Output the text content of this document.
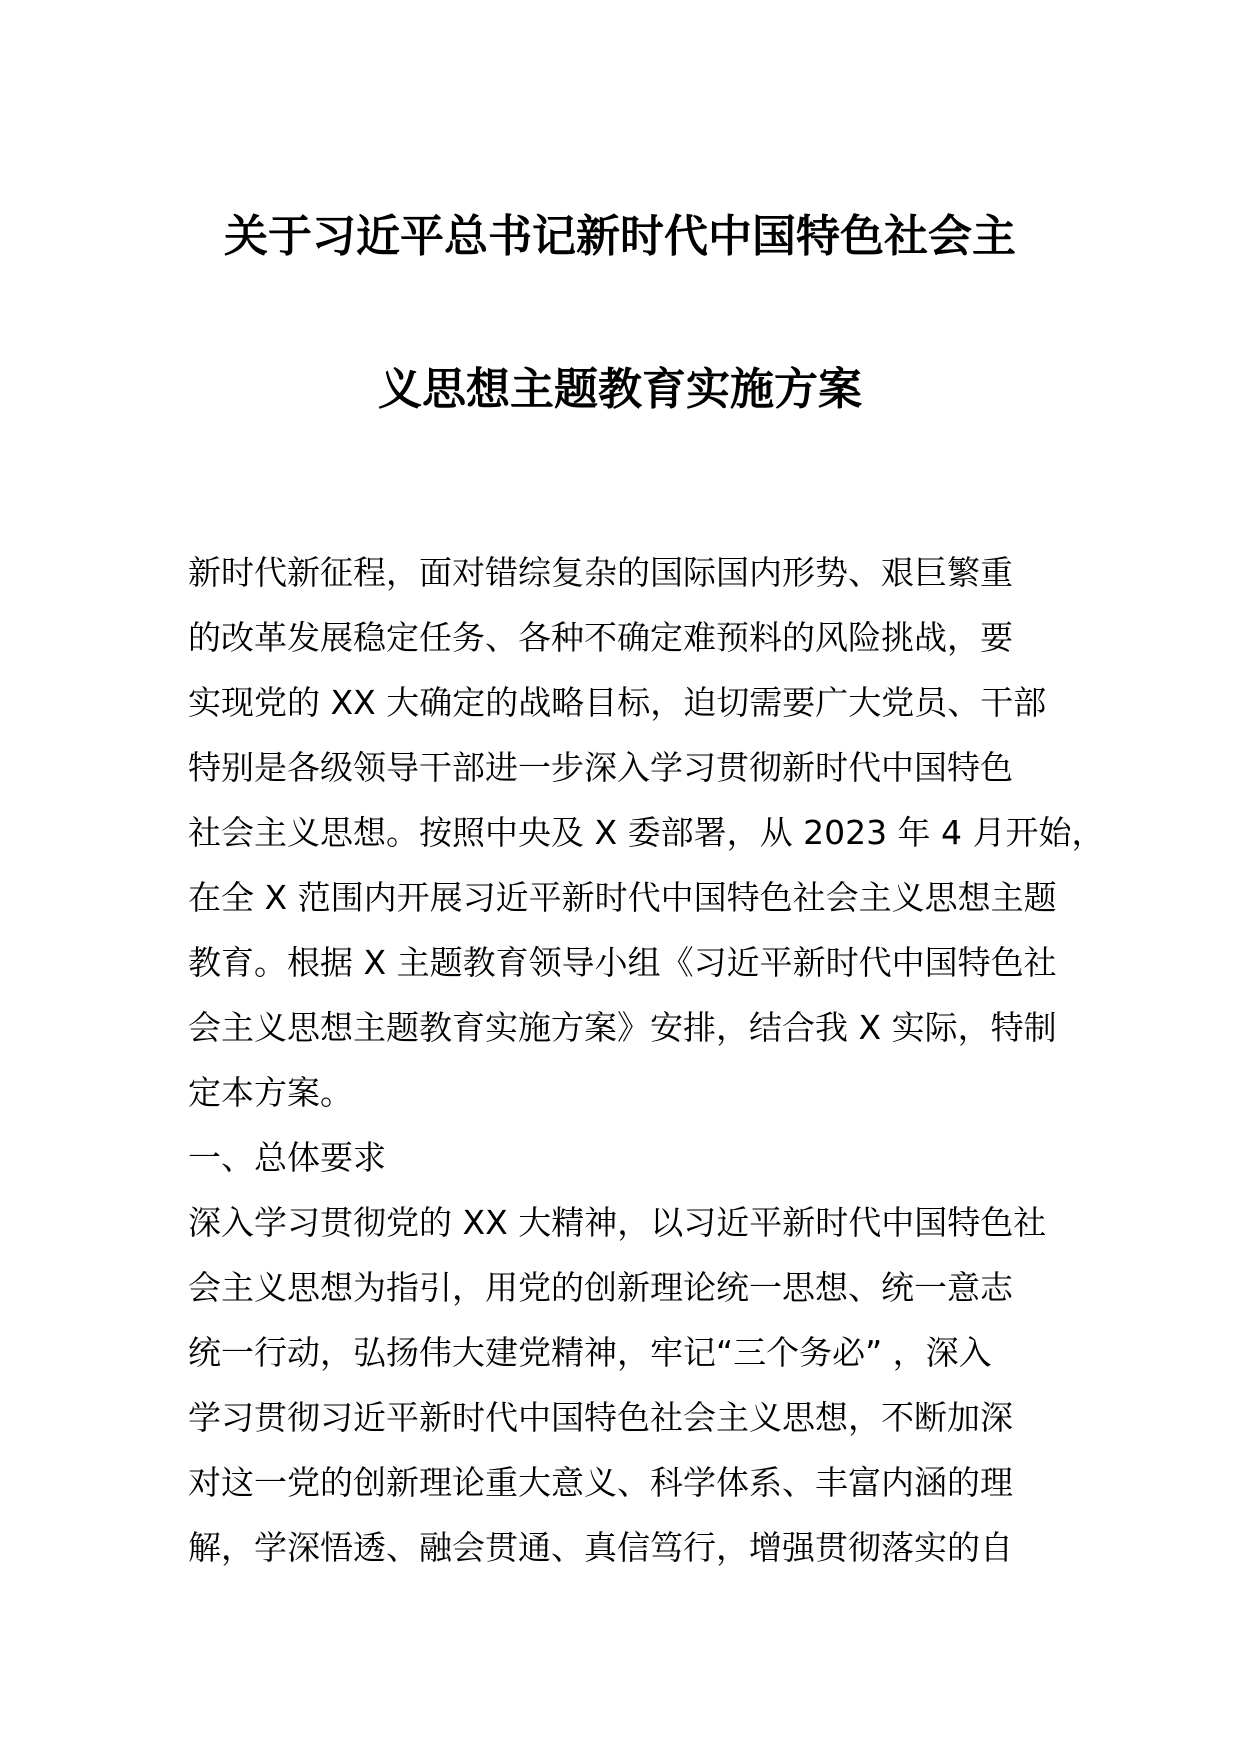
关于习近平总书记新时代中国特色社会主
义思想主题教育实施方案
新时代新征程，面对错综复杂的国际国内形势、艰巨繁重
的改革发展稳定任务、各种不确定难预料的风险挑战，要
实现党的 XX 大确定的战略目标，迫切需要广大党员、干部
特别是各级领导干部进一步深入学习贯彻新时代中国特色
社会主义思想。按照中央及 X 委部署，从 2023 年 4 月开始，
在全 X 范围内开展习近平新时代中国特色社会主义思想主题
教育。根据 X 主题教育领导小组《习近平新时代中国特色社
会主义思想主题教育实施方案》安排，结合我 X 实际，特制
定本方案。
一、总体要求
深入学习贯彻党的 XX 大精神，以习近平新时代中国特色社
会主义思想为指引，用党的创新理论统一思想、统一意志
统一行动，弘扬伟大建党精神，牢记“三个务必” ，深入
学习贯彻习近平新时代中国特色社会主义思想，不断加深
对这一党的创新理论重大意义、科学体系、丰富内涵的理
解，学深悟透、融会贯通、真信笃行，增强贯彻落实的自
